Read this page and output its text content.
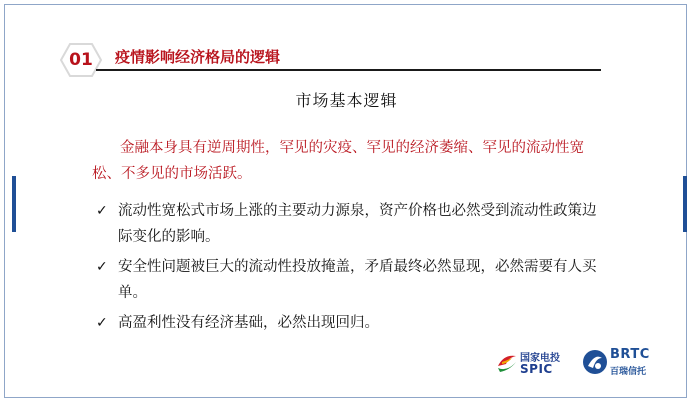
01	疫情影响经济格局的逻辑
市场基本逻辑
金融本身具有逆周期性，罕见的灾疫、罕见的经济萎缩、罕见的流动性宽松、不多见的市场活跃。
✓ 流动性宽松式市场上涨的主要动力源泉，资产价格也必然受到流动性政策边际变化的影响。
✓ 安全性问题被巨大的流动性投放掩盖，矛盾最终必然显现，必然需要有人买单。
✓ 高盈利性没有经济基础，必然出现回归。
国家电投
SPIC
BRTC
百瑞信托
